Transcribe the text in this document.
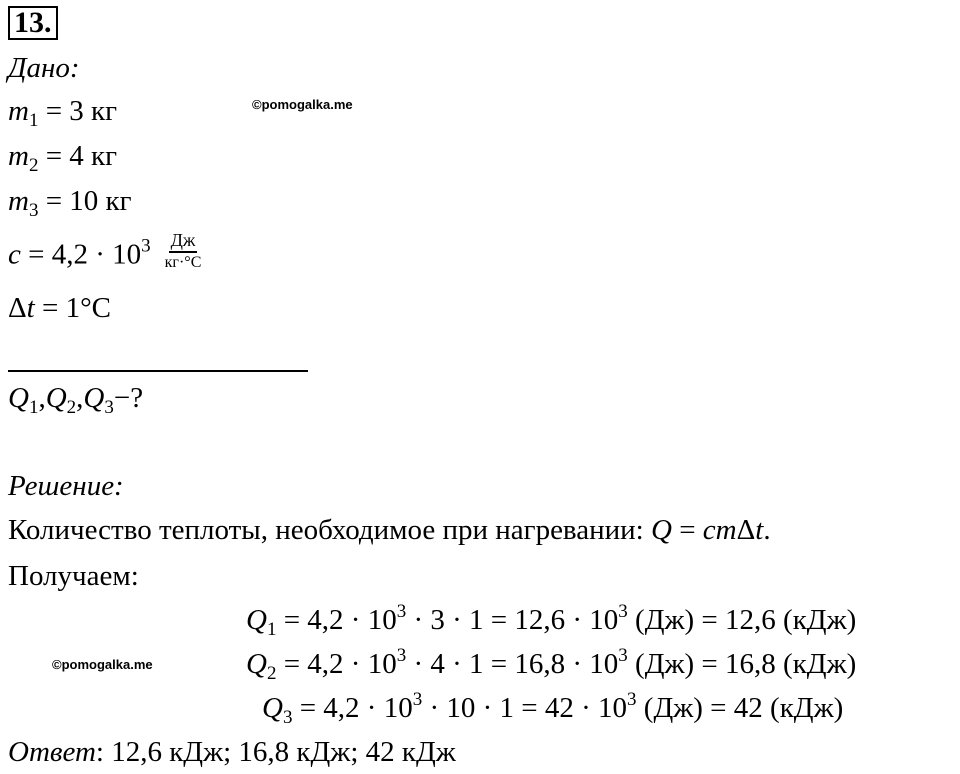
13.
Дано:
©pomogalka.me
$m_1 = 3$ кг
$m_2 = 4$ кг
$m_3 = 10$ кг
$c = 4,2 \cdot 10^3 \frac{Дж}{кг\cdot^\circ C}$
Δt = 1°C
$Q_1,Q_2,Q_3-$?
Решение:
Количество теплоты, необходимое при нагревании: Q = cmΔt.
Получаем:
$Q_1 = 4,2 \cdot 10^3 \cdot 3 \cdot 1 = 12,6 \cdot 10^3$ (Дж) = 12,6 (кДж)
©pomogalka.me	$Q_2 = 4,2 \cdot 10^3 \cdot 4 \cdot 1 = 16,8 \cdot 10^3$ (Дж) = 16,8 (кДж)
$Q_3 = 4,2 \cdot 10^3 \cdot 10 \cdot 1 = 42 \cdot 10^3$ (Дж) = 42 (кДж)
Ответ: 12,6 кДж; 16,8 кДж; 42 кДж
